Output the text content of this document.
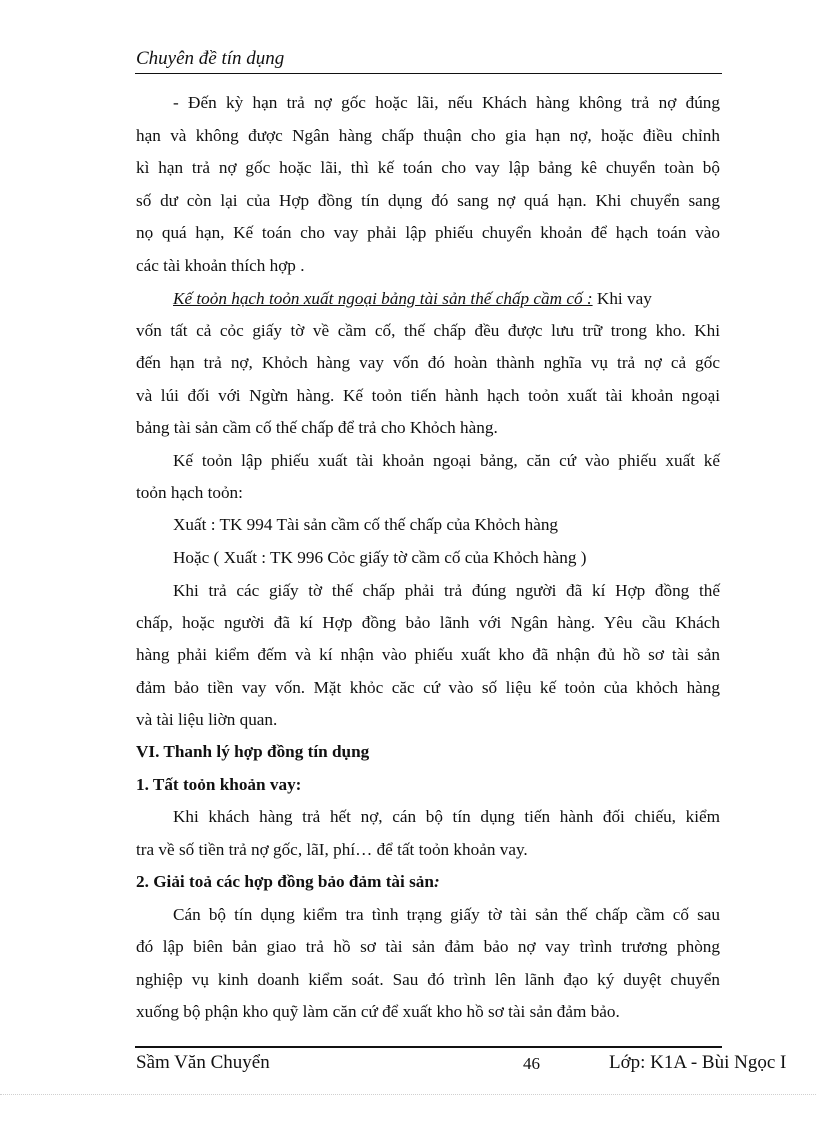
Chuyên đề tín dụng
- Đến kỳ hạn trả nợ gốc hoặc lãi, nếu Khách hàng không trả nợ đúng
hạn và không được Ngân hàng chấp thuận cho gia hạn nợ, hoặc điều chỉnh
kì hạn trả nợ gốc hoặc lãi, thì kế toán cho vay lập bảng kê chuyển toàn bộ
số dư còn lại của Hợp đồng tín dụng đó sang nợ quá hạn. Khi chuyển sang
nọ quá hạn, Kế toán cho vay phải lập phiếu chuyển khoản để hạch toán vào
các tài khoản thích hợp .
Kế toỏn hạch toỏn xuất ngoại bảng tài sản thế chấp cầm cố : Khi vay
vốn tất cả cỏc giấy tờ về cầm cố, thế chấp đều được lưu trữ trong kho. Khi
đến hạn trả nợ, Khỏch hàng vay vốn đó hoàn thành nghĩa vụ trả nợ cả gốc
và lúi đối với Ngừn hàng. Kế toỏn tiến hành hạch toỏn xuất tài khoản ngoại
bảng tài sản cầm cố thế chấp để trả cho Khỏch hàng.
Kế toỏn lập phiếu xuất tài khoản ngoại bảng, căn cứ vào phiếu xuất kế
toỏn hạch toỏn:
Xuất : TK 994 Tài sản cầm cố thế chấp của Khỏch hàng
Hoặc ( Xuất : TK 996 Cỏc giấy tờ cầm cố của Khỏch hàng )
Khi trả các giấy tờ thế chấp phải trả đúng người đã kí Hợp đồng thế
chấp, hoặc người đã kí Hợp đồng bảo lãnh với Ngân hàng. Yêu cầu Khách
hàng phải kiểm đếm và kí nhận vào phiếu xuất kho đã nhận đủ hồ sơ tài sản
đảm bảo tiền vay vốn. Mặt khỏc căc cứ vào số liệu kế toỏn của khỏch hàng
và tài liệu liờn quan.
VI. Thanh lý hợp đồng tín dụng
1. Tất toỏn khoản vay:
Khi khách hàng trả hết nợ, cán bộ tín dụng tiến hành đối chiếu, kiểm
tra về số tiền trả nợ gốc, lãI, phí… để tất toỏn khoản vay.
2. Giải toả các hợp đồng bảo đảm tài sản:
Cán bộ tín dụng kiểm tra tình trạng giấy tờ tài sản thế chấp cầm cố sau
đó lập biên bản giao trả hồ sơ tài sản đảm bảo nợ vay trình trương phòng
nghiệp vụ kinh doanh kiểm soát. Sau đó trình lên lãnh đạo ký duyệt chuyển
xuống bộ phận kho quỹ làm căn cứ để xuất kho hồ sơ tài sản đảm bảo.
Sầm Văn Chuyển	46	Lớp: K1A - Bùi Ngọc I
